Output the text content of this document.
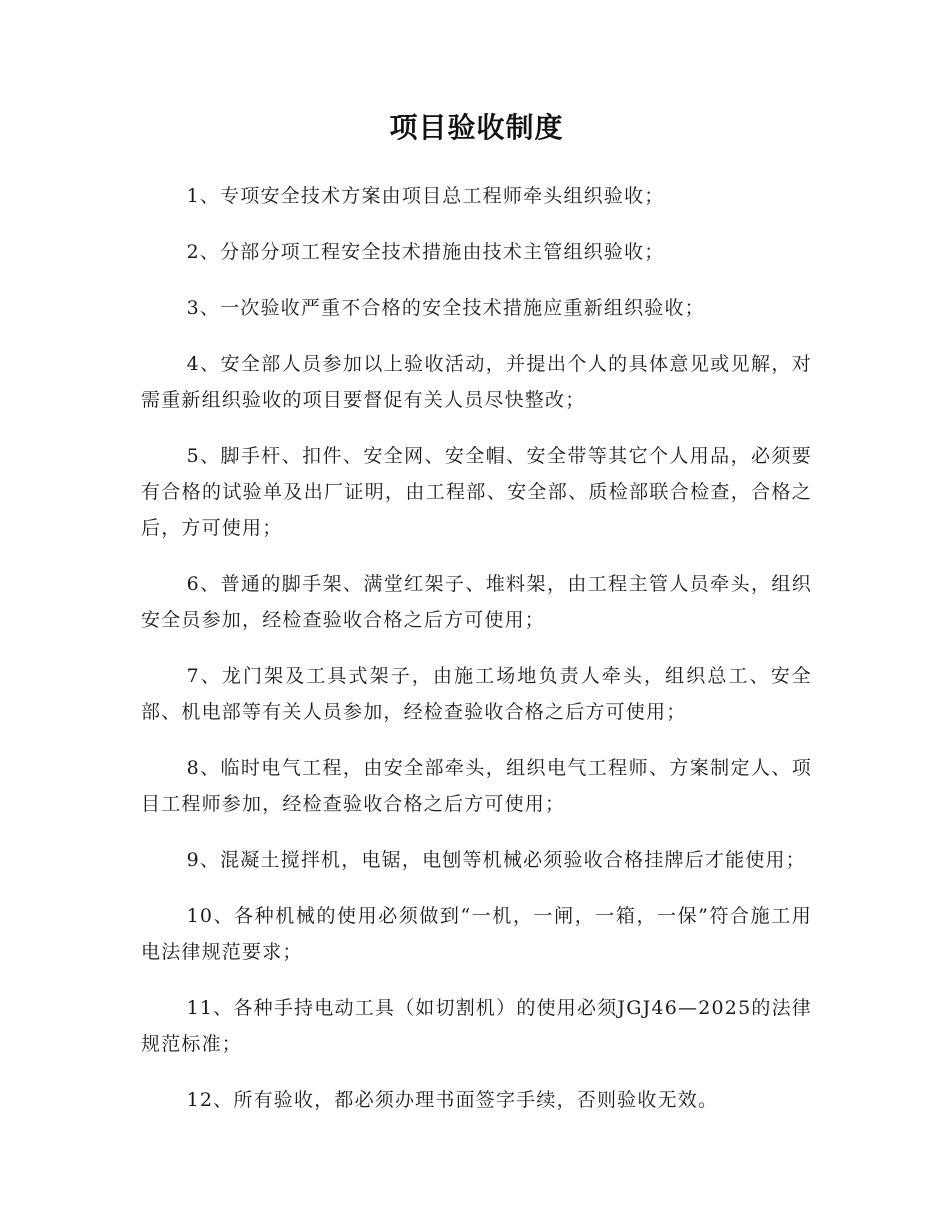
项目验收制度

1、专项安全技术方案由项目总工程师牵头组织验收；

2、分部分项工程安全技术措施由技术主管组织验收；

3、一次验收严重不合格的安全技术措施应重新组织验收；

4、安全部人员参加以上验收活动，并提出个人的具体意见或见解，对需重新组织验收的项目要督促有关人员尽快整改；

5、脚手杆、扣件、安全网、安全帽、安全带等其它个人用品，必须要有合格的试验单及出厂证明，由工程部、安全部、质检部联合检查，合格之后，方可使用；

6、普通的脚手架、满堂红架子、堆料架，由工程主管人员牵头，组织安全员参加，经检查验收合格之后方可使用；

7、龙门架及工具式架子，由施工场地负责人牵头，组织总工、安全部、机电部等有关人员参加，经检查验收合格之后方可使用；

8、临时电气工程，由安全部牵头，组织电气工程师、方案制定人、项目工程师参加，经检查验收合格之后方可使用；

9、混凝土搅拌机，电锯，电刨等机械必须验收合格挂牌后才能使用；

10、各种机械的使用必须做到“一机，一闸，一箱，一保”符合施工用电法律规范要求；

11、各种手持电动工具（如切割机）的使用必须JGJ46—2025的法律规范标准；

12、所有验收，都必须办理书面签字手续，否则验收无效。
